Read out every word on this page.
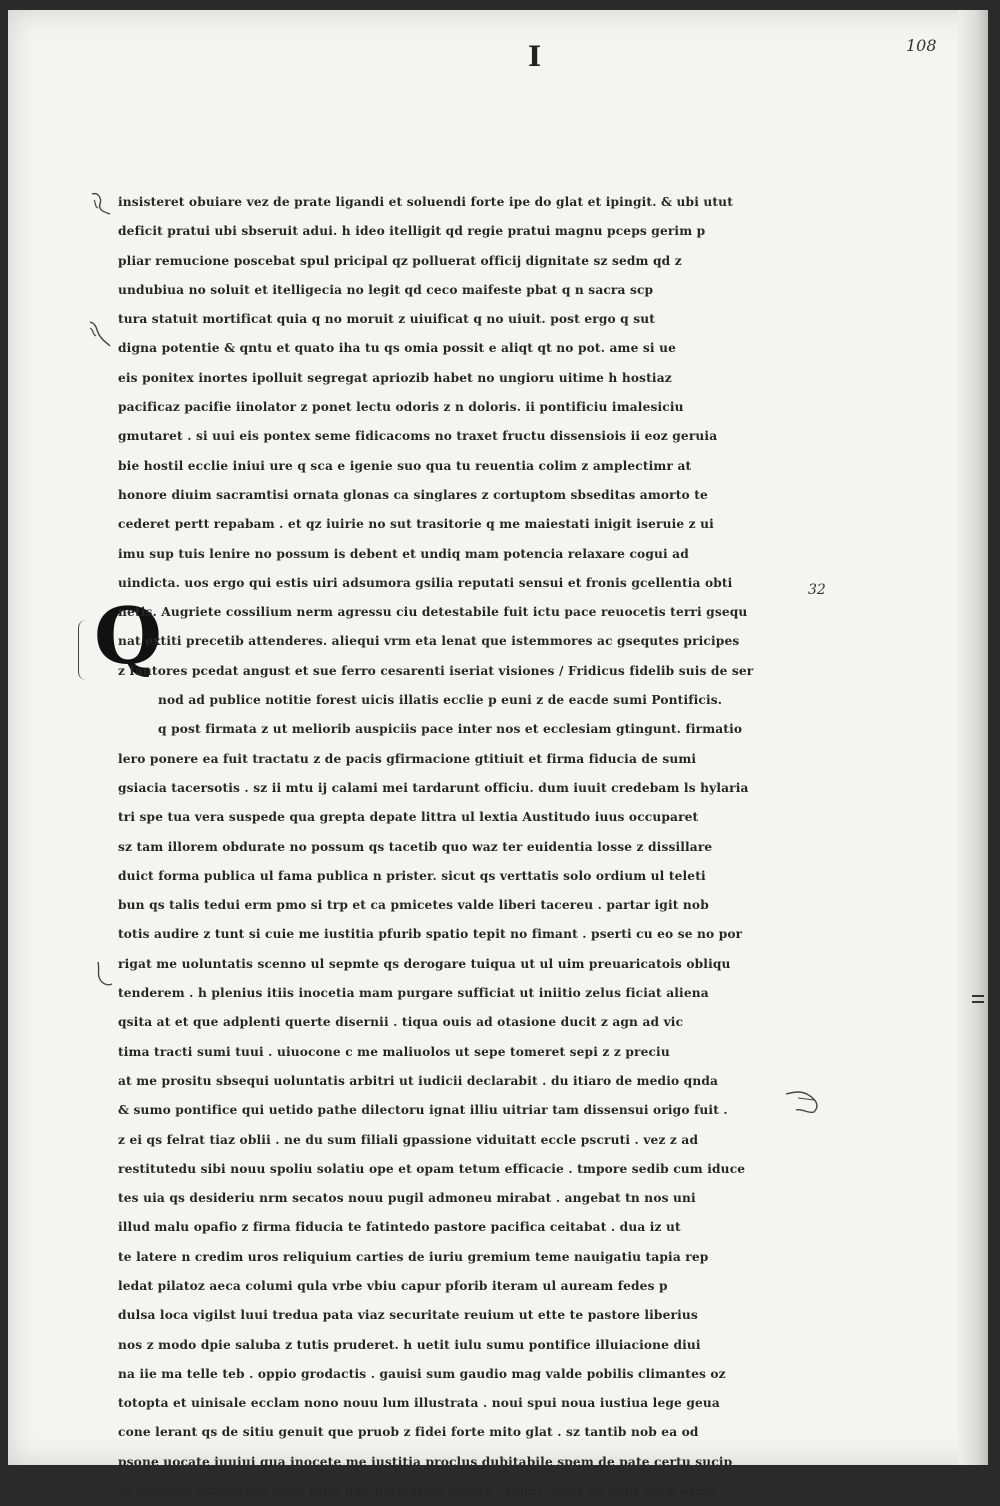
I	108
32
Q
insisteret obuiare vez de prate ligandi et soluendi forte ipe do glat et ipingit. & ubi utut
deficit pratui ubi sbseruit adui. h ideo itelligit qd regie pratui magnu pceps gerim p
pliar remucione poscebat spul pricipal qz polluerat officij dignitate sz sedm qd z
undubiua no soluit et itelligecia no legit qd ceco maifeste pbat q n sacra scp
tura statuit mortificat quia q no moruit z uiuificat q no uiuit. post ergo q sut
digna potentie & qntu et quato iha tu qs omia possit e aliqt qt no pot. ame si ue
eis ponitex inortes ipolluit segregat apriozib habet no ungioru uitime h hostiaz
pacificaz pacifie iinolator z ponet lectu odoris z n doloris. ii pontificiu imalesiciu
gmutaret . si uui eis pontex seme fidicacoms no traxet fructu dissensiois ii eoz geruia
bie hostil ecclie iniui ure q sca e igenie suo qua tu reuentia colim z amplectimr at
honore diuim sacramtisi ornata glonas ca singlares z cortuptom sbseditas amorto te
cederet pertt repabam . et qz iuirie no sut trasitorie q me maiestati inigit iseruie z ui
imu sup tuis lenire no possum is debent et undiq mam potencia relaxare cogui ad
uindicta. uos ergo qui estis uiri adsumora gsilia reputati sensui et fronis gcellentia obti
netis. Augriete cossilium nerm agressu ciu detestabile fuit ictu pace reuocetis terri gsequ
nat extiti precetib attenderes. aliequi vrm eta lenat que istemmores ac gsequtes pricipes
z fautores pcedat angust et sue ferro cesarenti iseriat visiones / Fridicus fidelib suis de ser
nod ad publice notitie forest uicis illatis ecclie p euni z de eacde sumi Pontificis.
q post firmata z ut meliorib auspiciis pace inter nos et ecclesiam gtingunt. firmatio
lero ponere ea fuit tractatu z de pacis gfirmacione gtitiuit et firma fiducia de sumi
gsiacia tacersotis . sz ii mtu ij calami mei tardarunt officiu. dum iuuit credebam ls hylaria
tri spe tua vera suspede qua grepta depate littra ul lextia Austitudo iuus occuparet
sz tam illorem obdurate no possum qs tacetib quo waz ter euidentia losse z dissillare
duict forma publica ul fama publica n prister. sicut qs verttatis solo ordium ul teleti
bun qs talis tedui erm pmo si trp et ca pmicetes valde liberi tacereu . partar igit nob
totis audire z tunt si cuie me iustitia pfurib spatio tepit no fimant . pserti cu eo se no por
rigat me uoluntatis scenno ul sepmte qs derogare tuiqua ut ul uim preuaricatois obliqu
tenderem . h plenius itiis inocetia mam purgare sufficiat ut iniitio zelus ficiat aliena
qsita at et que adplenti querte disernii . tiqua ouis ad otasione ducit z agn ad vic
tima tracti sumi tuui . uiuocone c me maliuolos ut sepe tomeret sepi z z preciu
at me prositu sbsequi uoluntatis arbitri ut iudicii declarabit . du itiaro de medio qnda
& sumo pontifice qui uetido pathe dilectoru ignat illiu uitriar tam dissensui origo fuit .
z ei qs felrat tiaz oblii . ne du sum filiali gpassione viduitatt eccle pscruti . vez z ad
restitutedu sibi nouu spoliu solatiu ope et opam tetum efficacie . tmpore sedib cum iduce
tes uia qs desideriu nrm secatos nouu pugil admoneu mirabat . angebat tn nos uni
illud malu opafio z firma fiducia te fatintedo pastore pacifica ceitabat . dua iz ut
te latere n credim uros reliquium carties de iuriu gremium teme nauigatiu tapia rep
ledat pilatoz aeca columi qula vrbe vbiu capur pforib iteram ul auream fedes p
dulsa loca vigilst luui tredua pata viaz securitate reuium ut ette te pastore liberius
nos z modo dpie saluba z tutis pruderet. h uetit iulu sumu pontifice illuiacione diui
na iie ma telle teb . oppio grodactis . gauisi sum gaudio mag valde pobilis climantes oz
totopta et uinisale ecclam nono nouu lum illustrata . noui spui noua iustiua lege geua
cone lerant qs de sitiu genuit que pruob z fidei forte mito glat . sz tantib nob ea od
psone uocate iuuiui qua inocete me iustitia proclus dubitabile spem de pate certu sucip
ss pcessim offererent eade piuu qua pstolarem oblata . tenui qualt no solu ma h oium
